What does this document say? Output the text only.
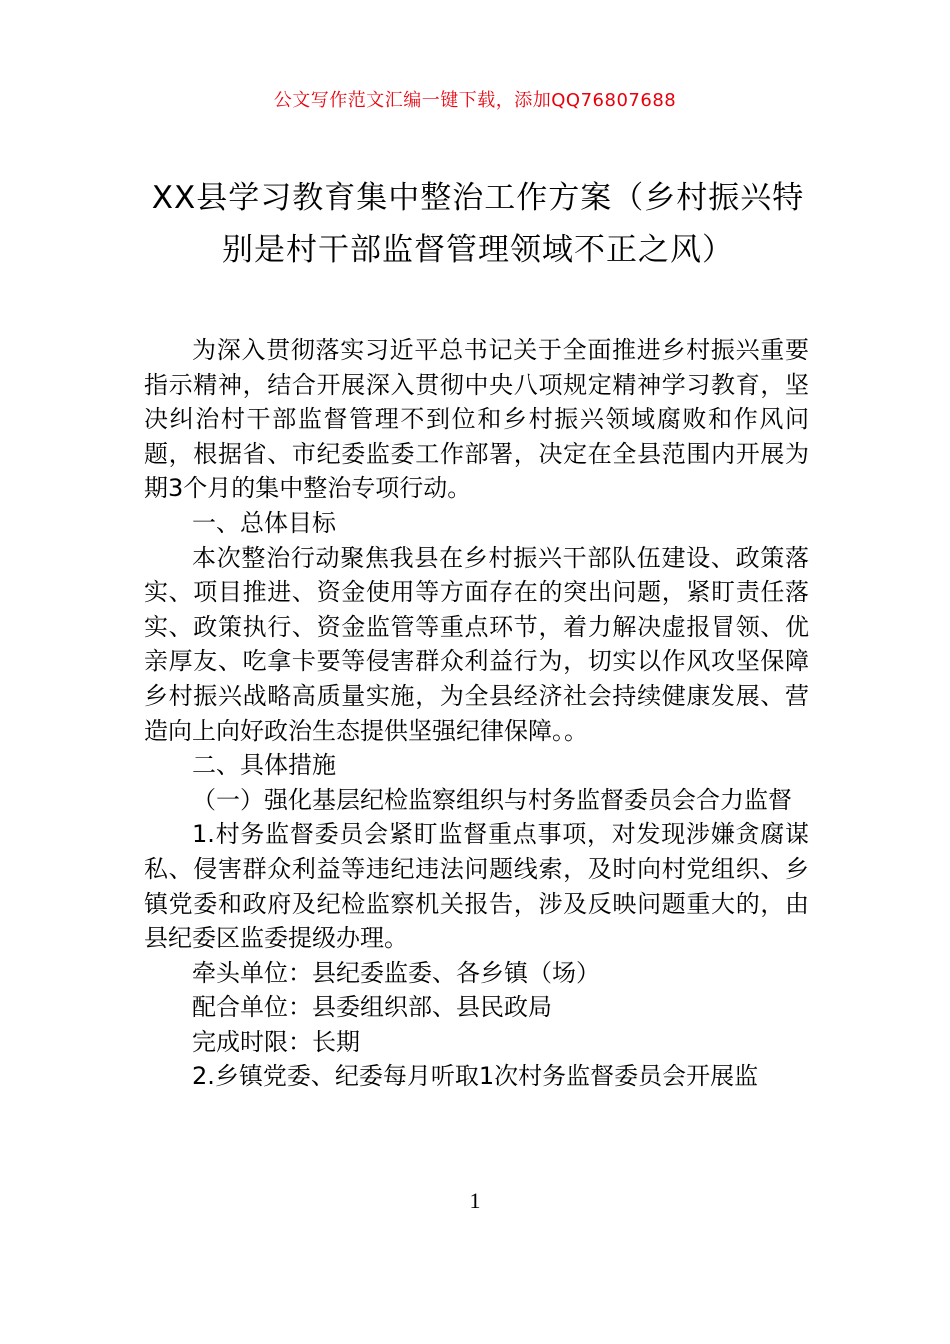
公文写作范文汇编一键下载，添加QQ76807688
XX县学习教育集中整治工作方案（乡村振兴特别是村干部监督管理领域不正之风）

为深入贯彻落实习近平总书记关于全面推进乡村振兴重要指示精神，结合开展深入贯彻中央八项规定精神学习教育，坚决纠治村干部监督管理不到位和乡村振兴领域腐败和作风问题，根据省、市纪委监委工作部署，决定在全县范围内开展为期3个月的集中整治专项行动。

一、总体目标

本次整治行动聚焦我县在乡村振兴干部队伍建设、政策落实、项目推进、资金使用等方面存在的突出问题，紧盯责任落实、政策执行、资金监管等重点环节，着力解决虚报冒领、优亲厚友、吃拿卡要等侵害群众利益行为，切实以作风攻坚保障乡村振兴战略高质量实施，为全县经济社会持续健康发展、营造向上向好政治生态提供坚强纪律保障。。

二、具体措施

（一）强化基层纪检监察组织与村务监督委员会合力监督

1.村务监督委员会紧盯监督重点事项，对发现涉嫌贪腐谋私、侵害群众利益等违纪违法问题线索，及时向村党组织、乡镇党委和政府及纪检监察机关报告，涉及反映问题重大的，由县纪委区监委提级办理。

牵头单位：县纪委监委、各乡镇（场）

配合单位：县委组织部、县民政局

完成时限：长期

2.乡镇党委、纪委每月听取1次村务监督委员会开展监

1
